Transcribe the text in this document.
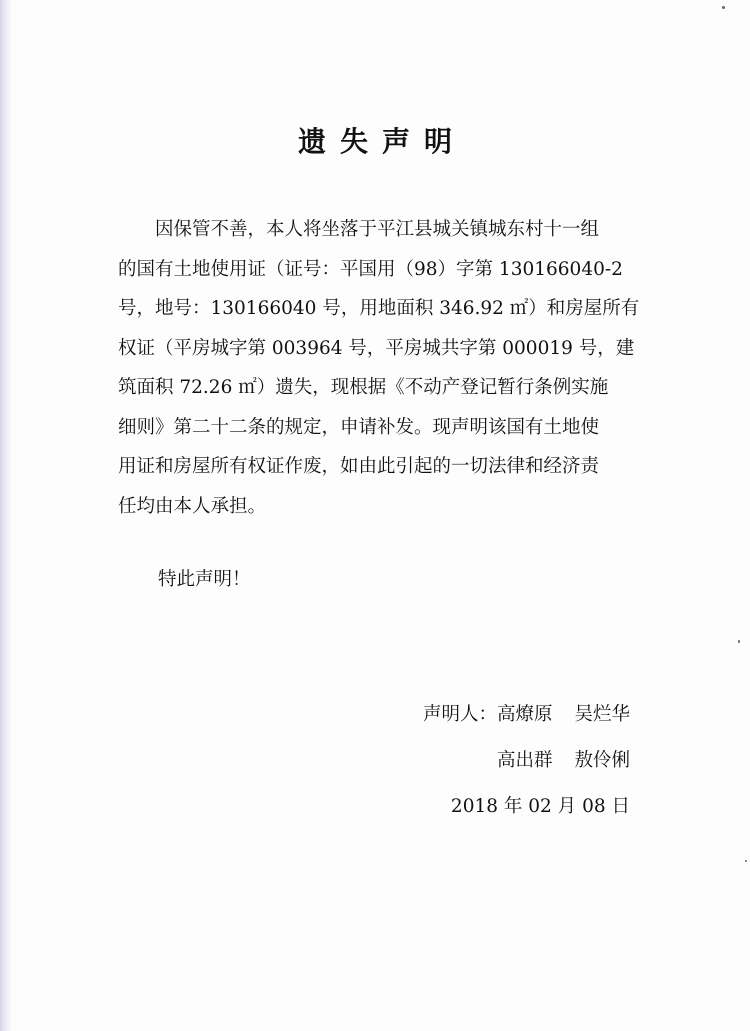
遗失声明
　　因保管不善，本人将坐落于平江县城关镇城东村十一组
的国有土地使用证（证号：平国用（98）字第 130166040-2
号，地号：130166040 号，用地面积 346.92 ㎡）和房屋所有
权证（平房城字第 003964 号，平房城共字第 000019 号，建
筑面积 72.26 ㎡）遗失，现根据《不动产登记暂行条例实施
细则》第二十二条的规定，申请补发。现声明该国有土地使
用证和房屋所有权证作废，如由此引起的一切法律和经济责
任均由本人承担。
特此声明！
声明人：高燎原 吴烂华
高出群 敖伶俐
2018 年 02 月 08 日
